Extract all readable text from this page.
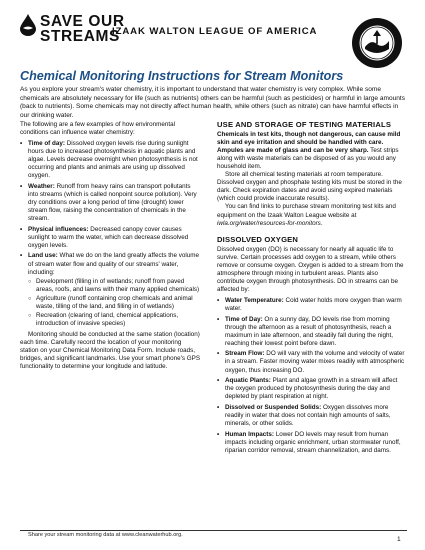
SAVE OUR
STREAMS
IZAAK WALTON LEAGUE OF AMERICA
Chemical Monitoring Instructions for Stream Monitors

As you explore your stream's water chemistry, it is important to understand that water chemistry is very complex. While some chemicals are absolutely necessary for life (such as nutrients) others can be harmful (such as pesticides) or harmful in large amounts (back to nutrients). Some chemicals may not directly affect human health, while others (such as nitrate) can have harmful effects in our drinking water.

The following are a few examples of how environmental conditions can influence water chemistry:

• Time of day: Dissolved oxygen levels rise during sunlight hours due to increased photosynthesis in aquatic plants and algae. Levels decrease overnight when photosynthesis is not occurring and plants and animals are using up dissolved oxygen.
• Weather: Runoff from heavy rains can transport pollutants into streams (which is called nonpoint source pollution). Very dry conditions over a long period of time (drought) lower stream flow, raising the concentration of chemicals in the stream.
• Physical influences: Decreased canopy cover causes sunlight to warm the water, which can decrease dissolved oxygen levels.
• Land use: What we do on the land greatly affects the volume of stream water flow and quality of our streams' water, including:
○ Development (filling in of wetlands; runoff from paved areas, roofs, and lawns with their many applied chemicals)
○ Agriculture (runoff containing crop chemicals and animal waste, tilling of the land, and filling in of wetlands)
○ Recreation (clearing of land, chemical applications, introduction of invasive species)

Monitoring should be conducted at the same station (location) each time. Carefully record the location of your monitoring station on your Chemical Monitoring Data Form. Include roads, bridges, and significant landmarks. Use your smart phone's GPS functionality to determine your longitude and latitude.

USE AND STORAGE OF TESTING MATERIALS

Chemicals in test kits, though not dangerous, can cause mild skin and eye irritation and should be handled with care. Ampules are made of glass and can be very sharp. Test strips along with waste materials can be disposed of as you would any household item.

Store all chemical testing materials at room temperature. Dissolved oxygen and phosphate testing kits must be stored in the dark. Check expiration dates and avoid using expired materials (which could provide inaccurate results).

You can find links to purchase stream monitoring test kits and equipment on the Izaak Walton League website at iwla.org/water/resources-for-monitors.

DISSOLVED OXYGEN

Dissolved oxygen (DO) is necessary for nearly all aquatic life to survive. Certain processes add oxygen to a stream, while others remove or consume oxygen. Oxygen is added to a stream from the atmosphere through mixing in turbulent areas. Plants also contribute oxygen through photosynthesis. DO in streams can be affected by:

• Water Temperature: Cold water holds more oxygen than warm water.
• Time of Day: On a sunny day, DO levels rise from morning through the afternoon as a result of photosynthesis, reach a maximum in late afternoon, and steadily fall during the night, reaching their lowest point before dawn.
• Stream Flow: DO will vary with the volume and velocity of water in a stream. Faster moving water mixes readily with atmospheric oxygen, thus increasing DO.
• Aquatic Plants: Plant and algae growth in a stream will affect the oxygen produced by photosynthesis during the day and depleted by plant respiration at night.
• Dissolved or Suspended Solids: Oxygen dissolves more readily in water that does not contain high amounts of salts, minerals, or other solids.
• Human Impacts: Lower DO levels may result from human impacts including organic enrichment, urban stormwater runoff, riparian corridor removal, stream channelization, and dams.
Share your stream monitoring data at www.cleanwaterhub.org.
1
